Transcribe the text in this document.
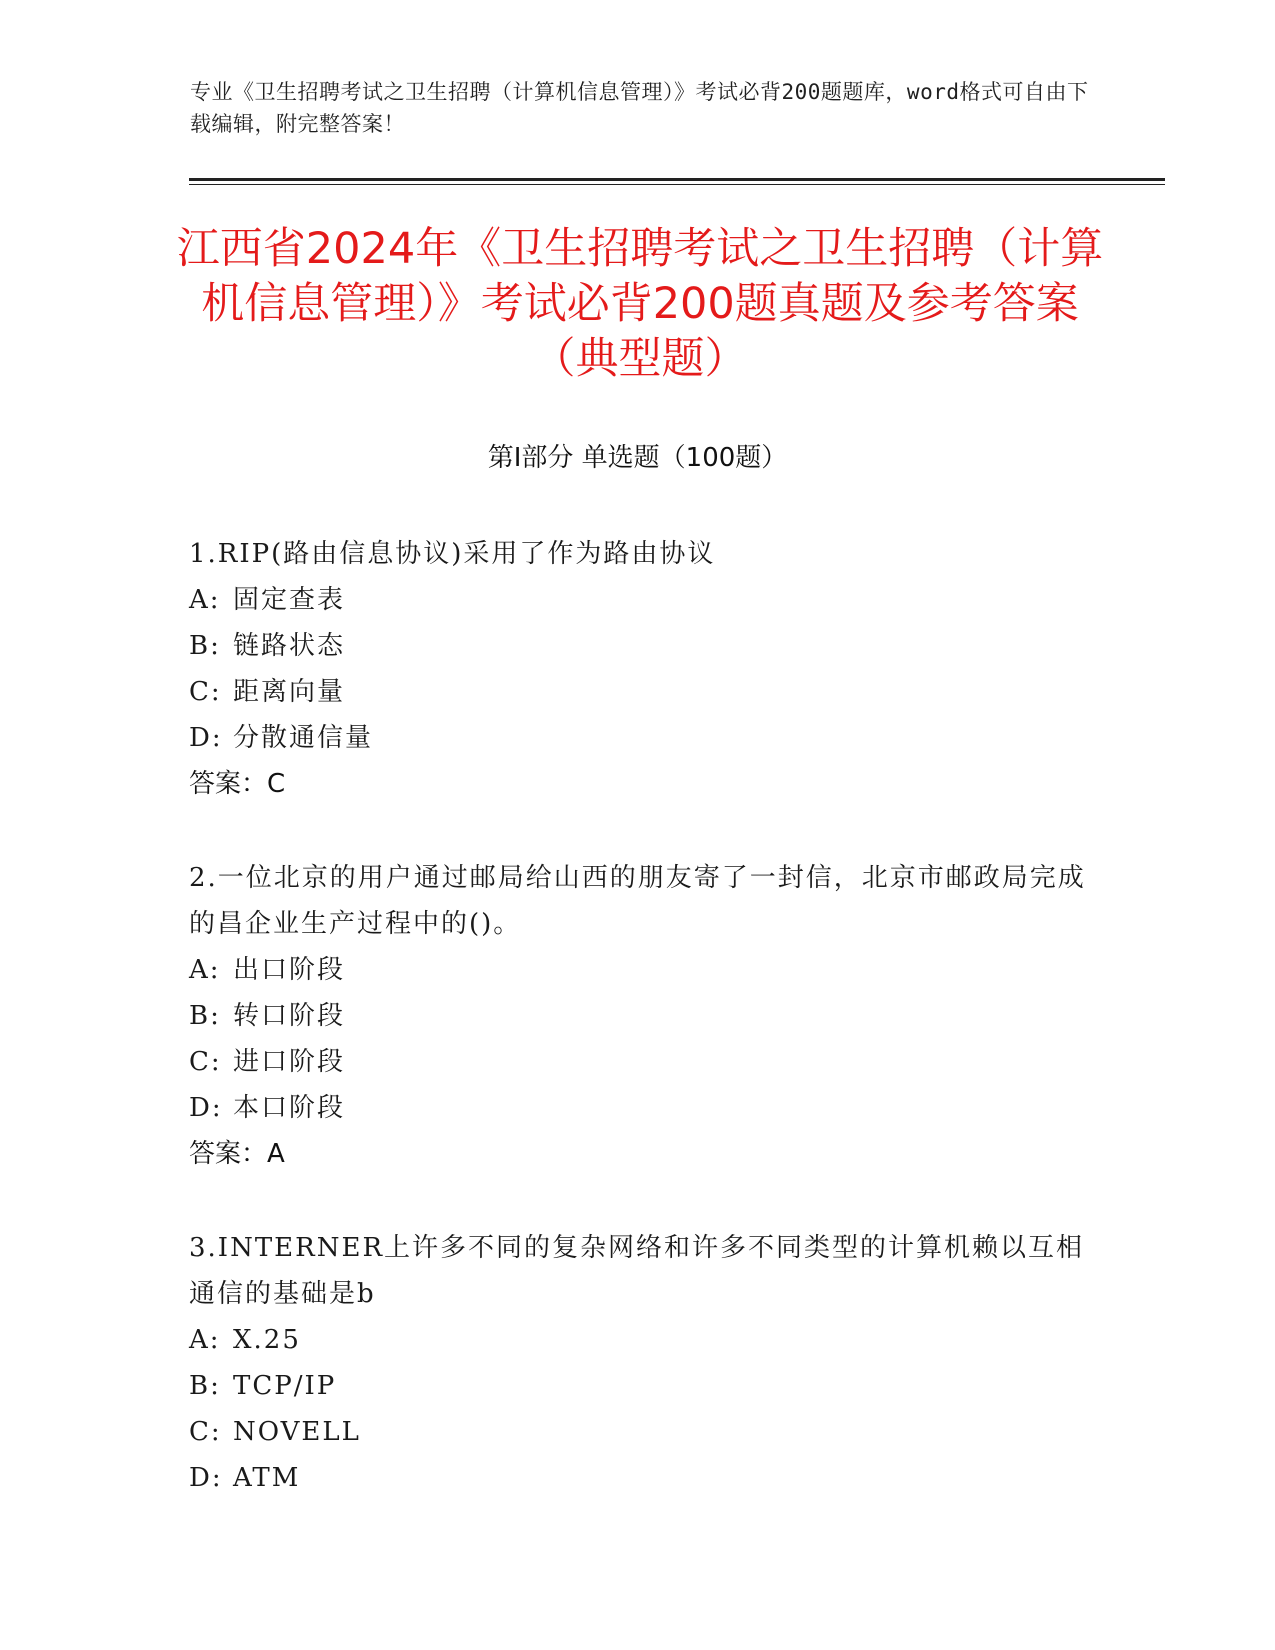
专业《卫生招聘考试之卫生招聘（计算机信息管理）》考试必背200题题库，word格式可自由下载编辑，附完整答案！
江西省2024年《卫生招聘考试之卫生招聘（计算机信息管理）》考试必背200题真题及参考答案（典型题）
第Ⅰ部分 单选题（100题）
1.RIP(路由信息协议)采用了作为路由协议
A: 固定查表
B: 链路状态
C: 距离向量
D: 分散通信量
答案：C
2.一位北京的用户通过邮局给山西的朋友寄了一封信，北京市邮政局完成的昌企业生产过程中的()。
A: 出口阶段
B: 转口阶段
C: 进口阶段
D: 本口阶段
答案：A
3.INTERNER上许多不同的复杂网络和许多不同类型的计算机赖以互相通信的基础是b
A: X.25
B: TCP/IP
C: NOVELL
D: ATM
